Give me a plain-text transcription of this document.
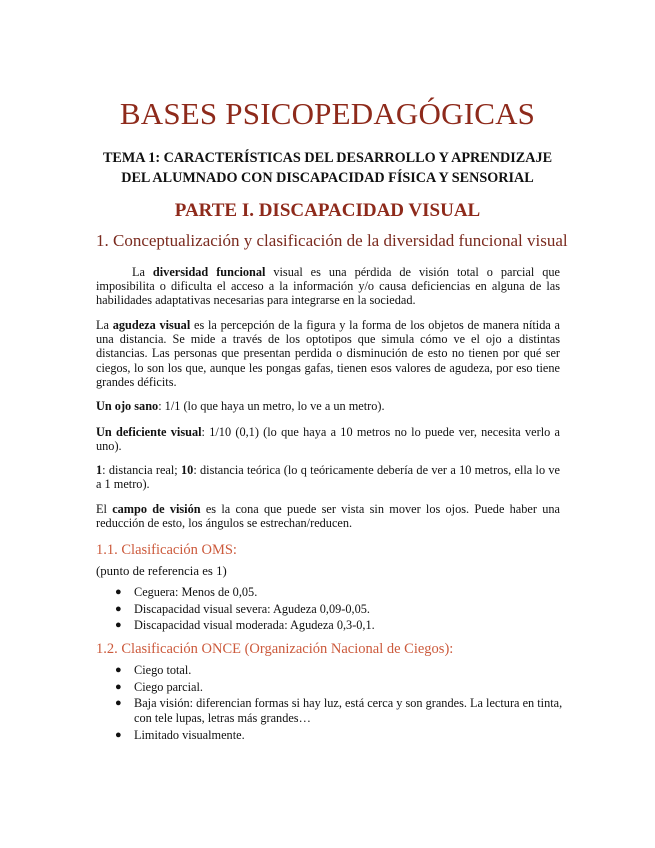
BASES PSICOPEDAGÓGICAS
TEMA 1: CARACTERÍSTICAS DEL DESARROLLO Y APRENDIZAJE
DEL ALUMNADO CON DISCAPACIDAD FÍSICA Y SENSORIAL
PARTE I. DISCAPACIDAD VISUAL
1. Conceptualización y clasificación de la diversidad funcional visual

La diversidad funcional visual es una pérdida de visión total o parcial que imposibilita o dificulta el acceso a la información y/o causa deficiencias en alguna de las habilidades adaptativas necesarias para integrarse en la sociedad.

La agudeza visual es la percepción de la figura y la forma de los objetos de manera nítida a una distancia. Se mide a través de los optotipos que simula cómo ve el ojo a distintas distancias. Las personas que presentan perdida o disminución de esto no tienen por qué ser ciegos, lo son los que, aunque les pongas gafas, tienen esos valores de agudeza, por eso tiene grandes déficits.

Un ojo sano: 1/1 (lo que haya un metro, lo ve a un metro).

Un deficiente visual: 1/10 (0,1) (lo que haya a 10 metros no lo puede ver, necesita verlo a uno).

1: distancia real; 10: distancia teórica (lo q teóricamente debería de ver a 10 metros, ella lo ve a 1 metro).

El campo de visión es la cona que puede ser vista sin mover los ojos. Puede haber una reducción de esto, los ángulos se estrechan/reducen.

1.1. Clasificación OMS:

(punto de referencia es 1)

● Ceguera: Menos de 0,05.
● Discapacidad visual severa: Agudeza 0,09-0,05.
● Discapacidad visual moderada: Agudeza 0,3-0,1.
1.2. Clasificación ONCE (Organización Nacional de Ciegos):
● Ciego total.
● Ciego parcial.
● Baja visión: diferencian formas si hay luz, está cerca y son grandes. La lectura en tinta, con tele lupas, letras más grandes…
● Limitado visualmente.
